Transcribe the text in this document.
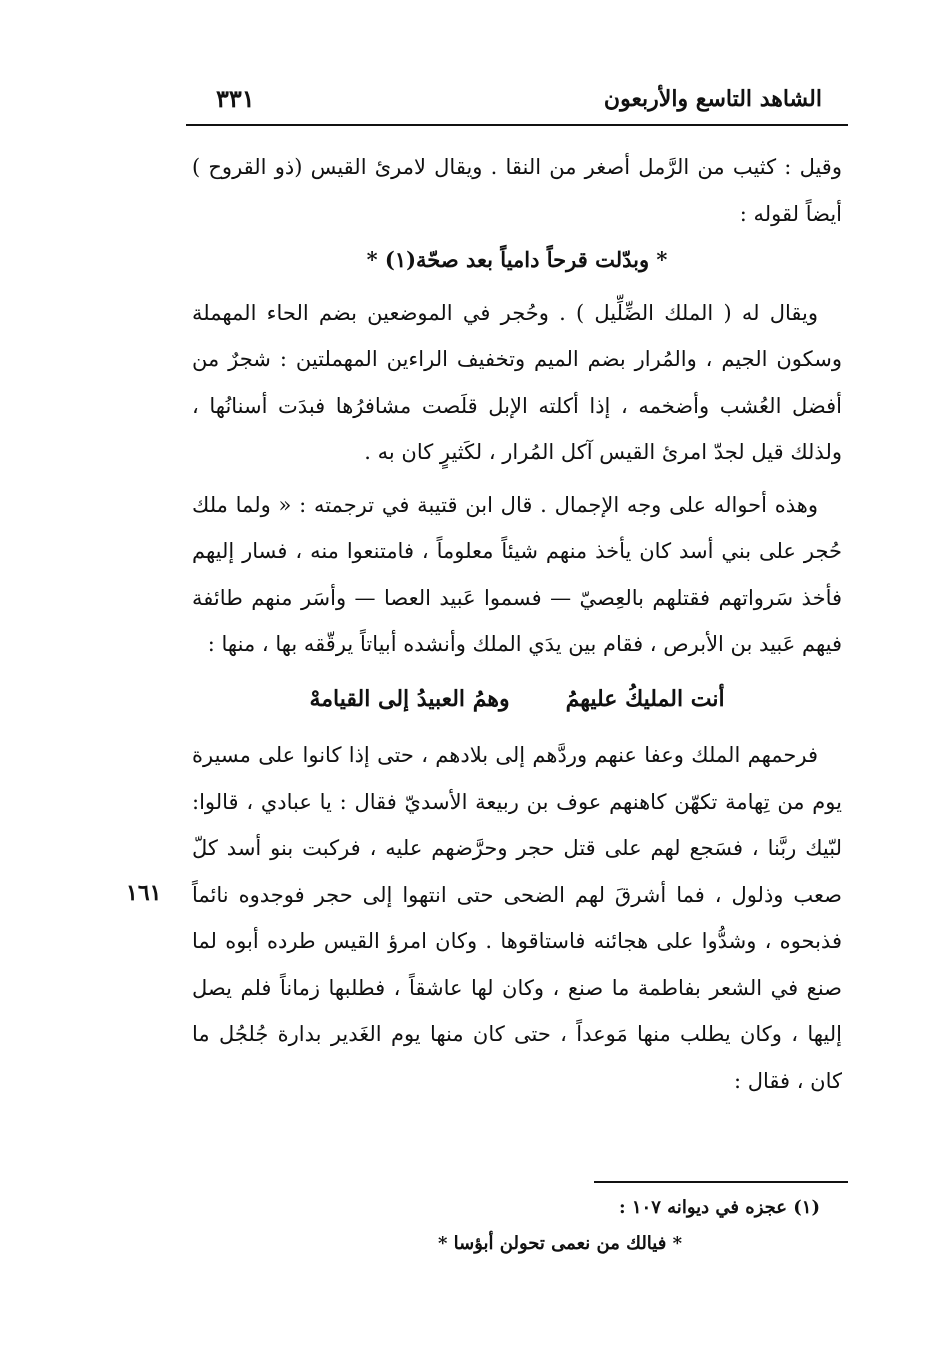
الشاهد التاسع والأربعون
٣٣١

وقيل : كثيب من الرَّمل أصغر من النقا . ويقال لامرئ القيس (ذو القروح ) أيضاً لقوله :

* وبدّلت قرحاً دامياً بعد صحّة(١) *

ويقال له ( الملك الضِّلِّيل ) . وحُجر في الموضعين بضم الحاء المهملة وسكون الجيم ، والمُرار بضم الميم وتخفيف الراءين المهملتين : شجرٌ من أفضل العُشب وأضخمه ، إذا أكلته الإبل قلَصت مشافرُها فبدَت أسنانُها ، ولذلك قيل لجدّ امرئ القيس آكل المُرار ، لكَثيرٍ كان به .

وهذه أحواله على وجه الإجمال . قال ابن قتيبة في ترجمته : « ولما ملك حُجر على بني أسد كان يأخذ منهم شيئاً معلوماً ، فامتنعوا منه ، فسار إليهم فأخذ سَرواتهم فقتلهم بالعِصيّ — فسموا عَبيد العصا — وأسَر منهم طائفة فيهم عَبيد بن الأبرص ، فقام بين يدَي الملك وأنشده أبياتاً يرقّقه بها ، منها :

أنت المليكُ عليهمُ
وهمُ العبيدُ إلى القيامهْ

فرحمهم الملك وعفا عنهم وردَّهم إلى بلادهم ، حتى إذا كانوا على مسيرة يوم من تِهامة تكهّن كاهنهم عوف بن ربيعة الأسديّ فقال : يا عبادي ، قالوا: لبّيك ربَّنا ، فسَجع لهم على قتل حجر وحرَّضهم عليه ، فركبت بنو أسد كلّ صعب وذلول ، فما أشرقَ لهم الضحى حتى انتهوا إلى حجر فوجدوه نائماً فذبحوه ، وشدُّوا على هجائنه فاستاقوها . وكان امرؤ القيس طرده أبوه لما صنع في الشعر بفاطمة ما صنع ، وكان لها عاشقاً ، فطلبها زماناً فلم يصل إليها ، وكان يطلب منها مَوعداً ، حتى كان منها يوم الغَدير بدارة جُلجُل ما كان ، فقال :

١٦١
(١) عجزه في ديوانه ١٠٧ :
* فيالك من نعمى تحولن أبؤسا *
